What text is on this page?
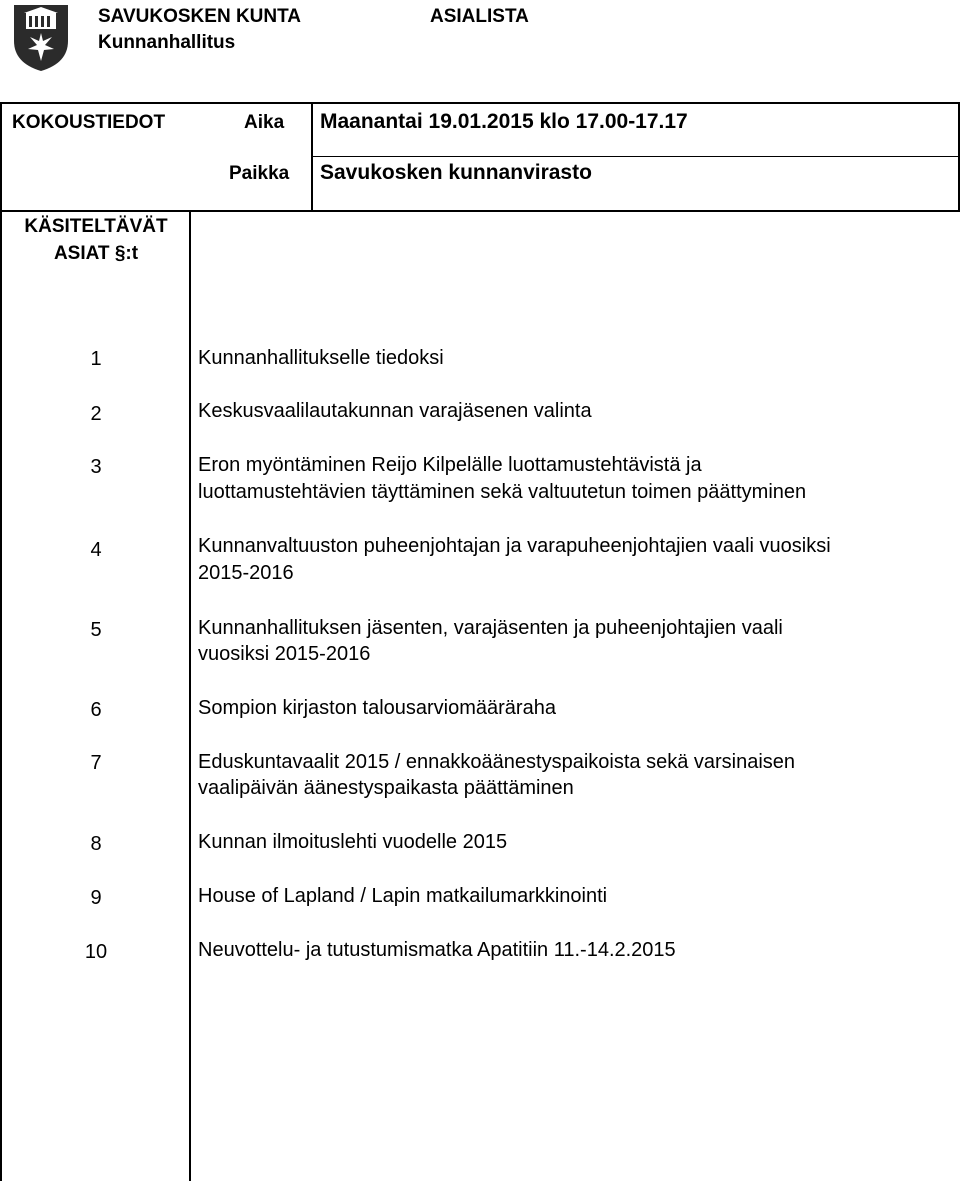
SAVUKOSKEN KUNTA
Kunnanhallitus
ASIALISTA
KOKOUSTIEDOT	Aika Maanantai 19.01.2015 klo 17.00-17.17
Paikka Savukosken kunnanvirasto
KÄSITELTÄVÄT
ASIAT §:t
1	Kunnanhallitukselle tiedoksi
2	Keskusvaalilautakunnan varajäsenen valinta
3	Eron myöntäminen Reijo Kilpelälle luottamustehtävistä ja
luottamustehtävien täyttäminen sekä valtuutetun toimen päättyminen
4	Kunnanvaltuuston puheenjohtajan ja varapuheenjohtajien vaali vuosiksi
2015-2016
5	Kunnanhallituksen jäsenten, varajäsenten ja puheenjohtajien vaali
vuosiksi 2015-2016
6	Sompion kirjaston talousarviomääräraha
7	Eduskuntavaalit 2015 / ennakkoäänestyspaikoista sekä varsinaisen
vaalipäivän äänestyspaikasta päättäminen
8	Kunnan ilmoituslehti vuodelle 2015
9	House of Lapland / Lapin matkailumarkkinointi
10	Neuvottelu- ja tutustumismatka Apatitiin 11.-14.2.2015
